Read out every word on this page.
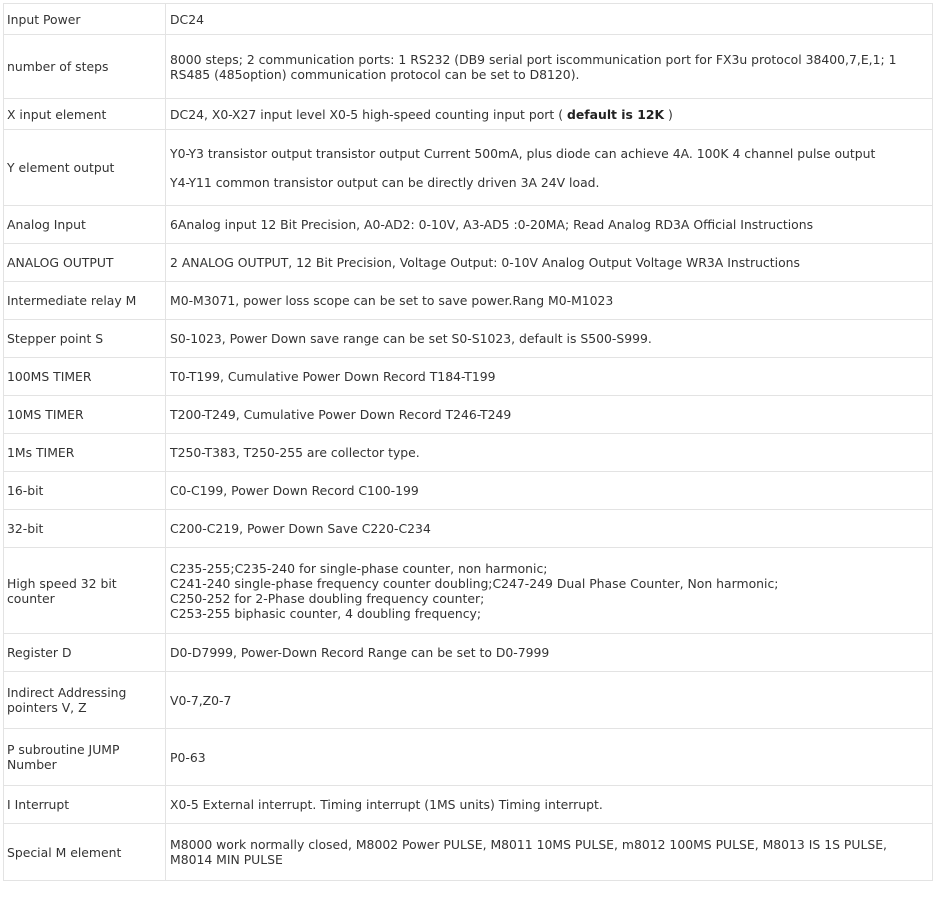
Input Power	DC24

number of steps	8000 steps; 2 communication ports: 1 RS232 (DB9 serial port iscommunication port for FX3u protocol 38400,7,E,1; 1
RS485 (485option) communication protocol can be set to D8120).

X input element	DC24, X0-X27 input level X0-5 high-speed counting input port ( default is 12K )
Y element output	Y0-Y3 transistor output transistor output Current 500mA, plus diode can achieve 4A. 100K 4 channel pulse output
Y4-Y11 common transistor output can be directly driven 3A 24V load.

Analog Input	6Analog input 12 Bit Precision, A0-AD2: 0-10V, A3-AD5 :0-20MA; Read Analog RD3A Official Instructions

ANALOG OUTPUT	2 ANALOG OUTPUT, 12 Bit Precision, Voltage Output: 0-10V Analog Output Voltage WR3A Instructions

Intermediate relay M	M0-M3071, power loss scope can be set to save power.Rang M0-M1023

Stepper point S	S0-1023, Power Down save range can be set S0-S1023, default is S500-S999.

100MS TIMER	T0-T199, Cumulative Power Down Record T184-T199

10MS TIMER	T200-T249, Cumulative Power Down Record T246-T249

1Ms TIMER	T250-T383, T250-255 are collector type.

16-bit	C0-C199, Power Down Record C100-199

32-bit	C200-C219, Power Down Save C220-C234

High speed 32 bit counter	C235-255;C235-240 for single-phase counter, non harmonic;
C241-240 single-phase frequency counter doubling;C247-249 Dual Phase Counter, Non harmonic;
C250-252 for 2-Phase doubling frequency counter;
C253-255 biphasic counter, 4 doubling frequency;

Register D	D0-D7999, Power-Down Record Range can be set to D0-7999

Indirect Addressing pointers V, Z	V0-7,Z0-7

P subroutine JUMP Number	P0-63

I Interrupt	X0-5 External interrupt. Timing interrupt (1MS units) Timing interrupt.

Special M element	M8000 work normally closed, M8002 Power PULSE, M8011 10MS PULSE, m8012 100MS PULSE, M8013 IS 1S PULSE,
M8014 MIN PULSE
